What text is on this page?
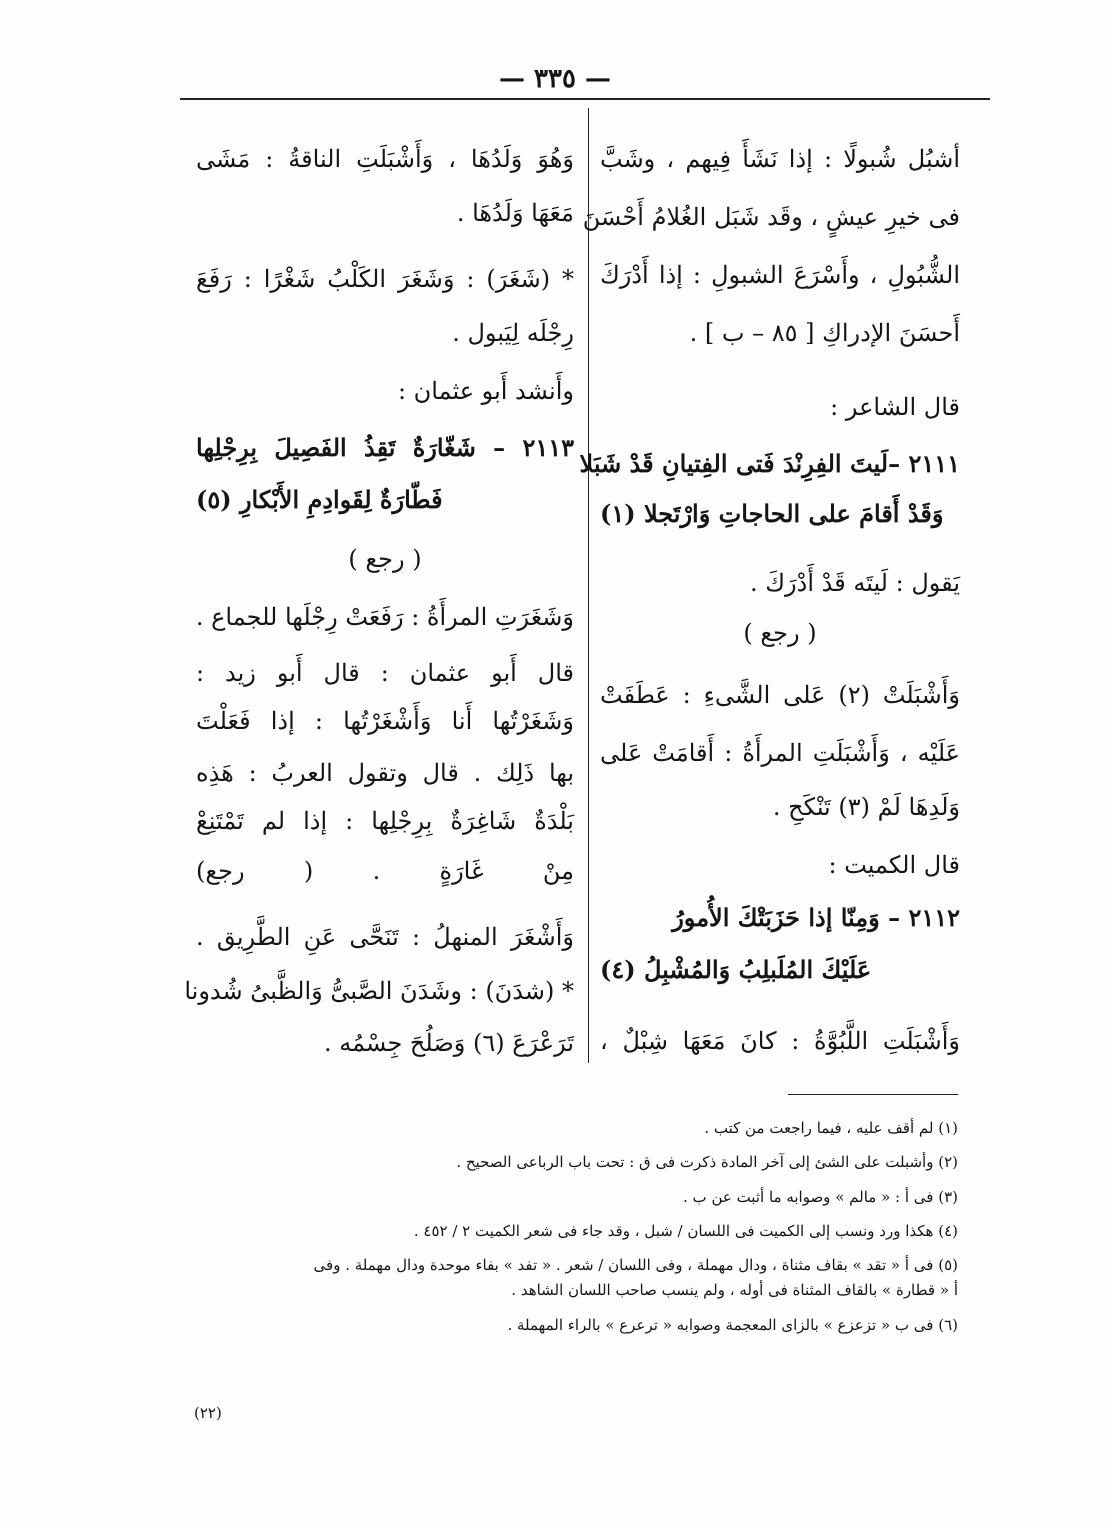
— ٣٣٥ —
أشبُل شُبولًا : إذا نَشَأَ فِيهم ، وشَبَّ
فى خيرِ عيشٍ ، وقَد شَبَل الغُلامُ أَحْسَنَ
الشُّبُولِ ، وأَسْرَعَ الشبولِ : إذا أَدْرَكَ
أَحسَنَ الإدراكِ [ ٨٥ – ب ] .
قال الشاعر :
٢١١١ –لَيتَ الفِرِنْدَ فَتى الفِتيانِ قَدْ شَبَلا
وَقَدْ أَقامَ على الحاجاتِ وَارْتَجلا (١)
يَقول : لَيتَه قَدْ أَدْرَكَ .
( رجع )
وَأَشْبَلَتْ (٢) عَلى الشَّىءِ : عَطَفَتْ
عَلَيْه ، وَأَشْبَلَتِ المرأَةُ : أَقامَتْ عَلى
وَلَدِهَا لَمْ (٣) تَنْكَحِ .
قال الكميت :
٢١١٢ – وَمِنّا إذا حَزَبَتْكَ الأُمورُ
عَلَيْكَ المُلَبلِبُ وَالمُشْبِلُ (٤)
وَأَشْبَلَتِ اللَّبُوَّةُ : كانَ مَعَهَا شِبْلٌ ،
وَهُوَ وَلَدُهَا ، وَأَشْبَلَتِ الناقةُ : مَشَى
مَعَهَا وَلَدُهَا .
* (شَغَرَ) : وَشَغَرَ الكَلْبُ شَغْرًا : رَفَعَ
رِجْلَه لِيَبول .
وأَنشد أَبو عثمان :
٢١١٣ – شَغّارَةٌ تَقِذُ الفَصِيلَ بِرِجْلِها
فَطّارَةٌ لِقَوادِمِ الأَبْكارِ (٥)
( رجع )
وَشَغَرَتِ المرأَةُ : رَفَعَتْ رِجْلَها للجماع .
قال أَبو عثمان : قال أَبو زيد :
وَشَغَرْتُها أَنا وَأَشْغَرْتُها : إذا فَعَلْتَ
بها ذَلِك . قال وتقول العربُ : هَذِه
بَلْدَةٌ شَاغِرَةٌ بِرِجْلِها : إذا لم تَمْتَنِعْ
مِنْ غَارَةٍ . ( رجع)
وَأَشْغَرَ المنهلُ : تَنَحَّى عَنِ الطَّرِيق .
* (شدَنَ) : وشَدَنَ الصَّبىُّ وَالظَّبىُ شُدونا
تَرَعْرَعَ (٦) وَصَلُحَ جِسْمُه .
(١) لم أقف عليه ، فيما راجعت من كتب .
(٢) وأشبلت على الشئ إلى آخر المادة ذكرت فى ق : تحت باب الرباعى الصحيح .
(٣) فى أ : « مالم » وصوابه ما أثبت عن ب .
(٤) هكذا ورد ونسب إلى الكميت فى اللسان / شبل ، وقد جاء فى شعر الكميت ٢ / ٤٥٢ .
(٥) فى أ « تقد » بقاف مثناة ، ودال مهملة ، وفى اللسان / شعر . « تفد » بفاء موحدة ودال مهملة . وفى
أ « قطارة » بالقاف المثناة فى أوله ، ولم ينسب صاحب اللسان الشاهد .
(٦) فى ب « تزعزع » بالزاى المعجمة وصوابه « ترعرع » بالراء المهملة .
(٢٢)
